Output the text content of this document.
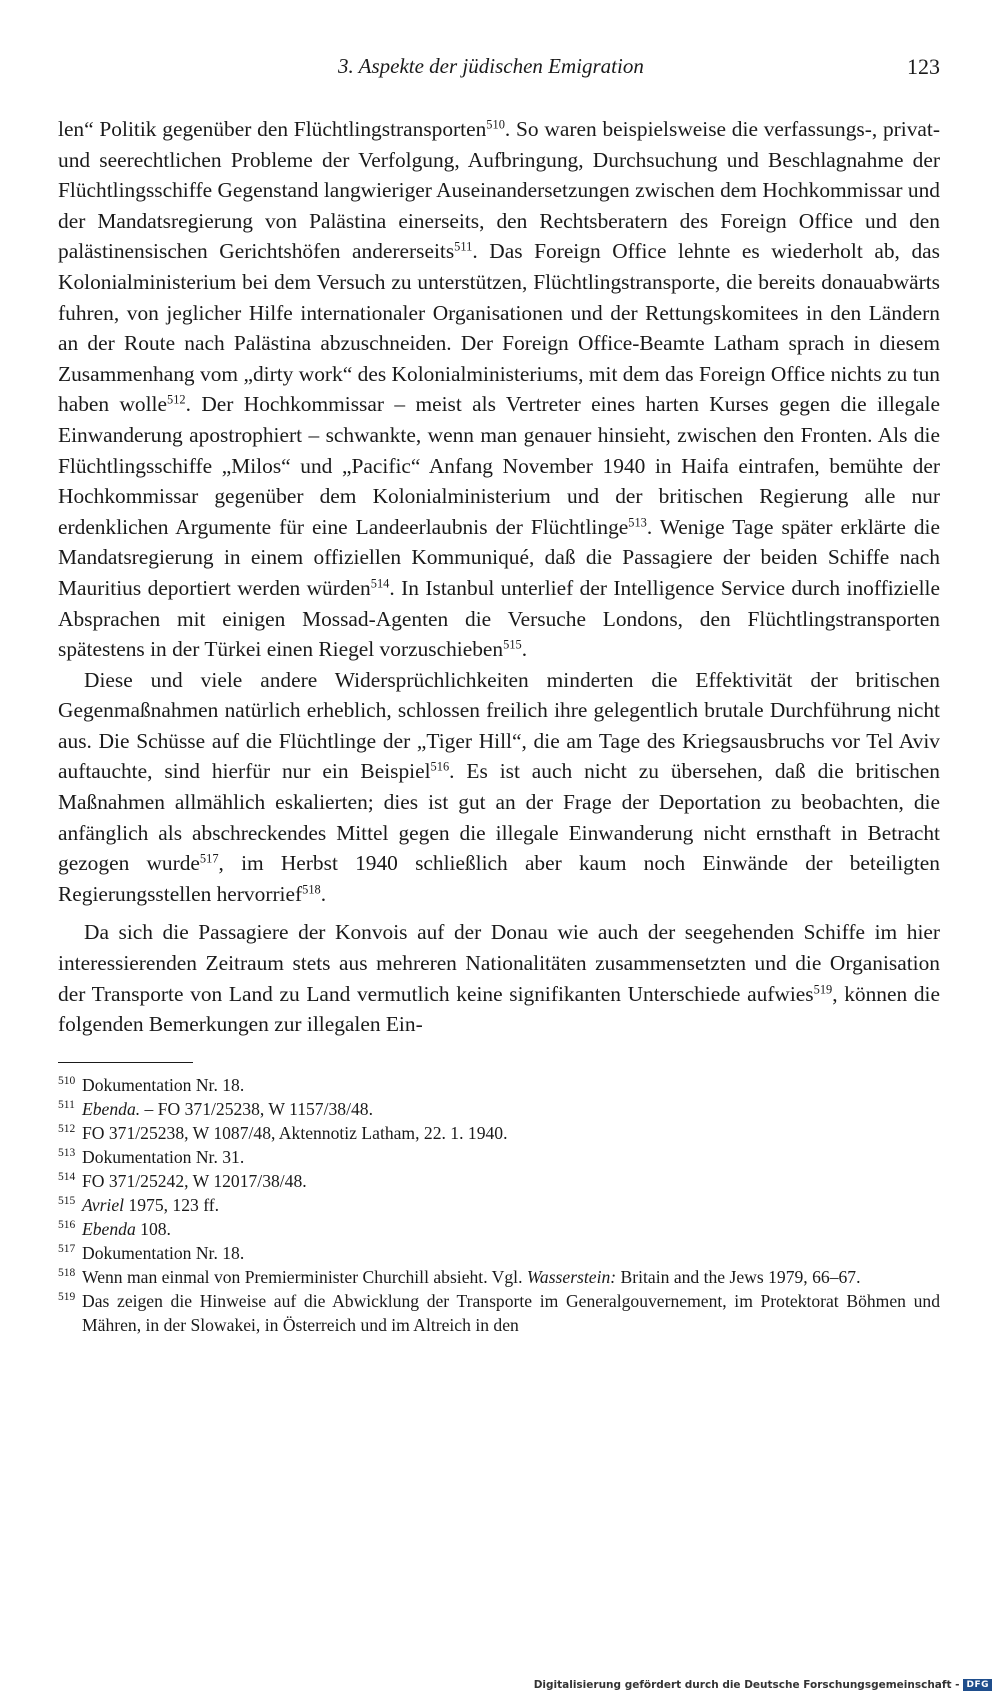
3. Aspekte der jüdischen Emigration	123

len“ Politik gegenüber den Flüchtlingstransporten$^{510}$. So waren beispielsweise die verfassungs-, privat- und seerechtlichen Probleme der Verfolgung, Aufbringung, Durchsuchung und Beschlagnahme der Flüchtlingsschiffe Gegenstand langwieriger Auseinandersetzungen zwischen dem Hochkommissar und der Mandatsregierung von Palästina einerseits, den Rechtsberatern des Foreign Office und den palästinensischen Gerichtshöfen andererseits$^{511}$. Das Foreign Office lehnte es wiederholt ab, das Kolonialministerium bei dem Versuch zu unterstützen, Flüchtlingstransporte, die bereits donauabwärts fuhren, von jeglicher Hilfe internationaler Organisationen und der Rettungskomitees in den Ländern an der Route nach Palästina abzuschneiden. Der Foreign Office-Beamte Latham sprach in diesem Zusammenhang vom „dirty work“ des Kolonialministeriums, mit dem das Foreign Office nichts zu tun haben wolle$^{512}$. Der Hochkommissar – meist als Vertreter eines harten Kurses gegen die illegale Einwanderung apostrophiert – schwankte, wenn man genauer hinsieht, zwischen den Fronten. Als die Flüchtlingsschiffe „Milos“ und „Pacific“ Anfang November 1940 in Haifa eintrafen, bemühte der Hochkommissar gegenüber dem Kolonialministerium und der britischen Regierung alle nur erdenklichen Argumente für eine Landeerlaubnis der Flüchtlinge$^{513}$. Wenige Tage später erklärte die Mandatsregierung in einem offiziellen Kommuniqué, daß die Passagiere der beiden Schiffe nach Mauritius deportiert werden würden$^{514}$. In Istanbul unterlief der Intelligence Service durch inoffizielle Absprachen mit einigen Mossad-Agenten die Versuche Londons, den Flüchtlingstransporten spätestens in der Türkei einen Riegel vorzuschieben$^{515}$.

Diese und viele andere Widersprüchlichkeiten minderten die Effektivität der britischen Gegenmaßnahmen natürlich erheblich, schlossen freilich ihre gelegentlich brutale Durchführung nicht aus. Die Schüsse auf die Flüchtlinge der „Tiger Hill“, die am Tage des Kriegsausbruchs vor Tel Aviv auftauchte, sind hierfür nur ein Beispiel$^{516}$. Es ist auch nicht zu übersehen, daß die britischen Maßnahmen allmählich eskalierten; dies ist gut an der Frage der Deportation zu beobachten, die anfänglich als abschreckendes Mittel gegen die illegale Einwanderung nicht ernsthaft in Betracht gezogen wurde$^{517}$, im Herbst 1940 schließlich aber kaum noch Einwände der beteiligten Regierungsstellen hervorrief$^{518}$.

Da sich die Passagiere der Konvois auf der Donau wie auch der seegehenden Schiffe im hier interessierenden Zeitraum stets aus mehreren Nationalitäten zusammensetzten und die Organisation der Transporte von Land zu Land vermutlich keine signifikanten Unterschiede aufwies$^{519}$, können die folgenden Bemerkungen zur illegalen Ein-

510 Dokumentation Nr. 18.
511 Ebenda. – FO 371/25238, W 1157/38/48.
512 FO 371/25238, W 1087/48, Aktennotiz Latham, 22. 1. 1940.
513 Dokumentation Nr. 31.
514 FO 371/25242, W 12017/38/48.
515 Avriel 1975, 123 ff.
516 Ebenda 108.
517 Dokumentation Nr. 18.
518 Wenn man einmal von Premierminister Churchill absieht. Vgl. Wasserstein: Britain and the Jews 1979, 66–67.
519 Das zeigen die Hinweise auf die Abwicklung der Transporte im Generalgouvernement, im Protektorat Böhmen und Mähren, in der Slowakei, in Österreich und im Altreich in den
Digitalisierung gefördert durch die Deutsche Forschungsgemeinschaft - DFG
